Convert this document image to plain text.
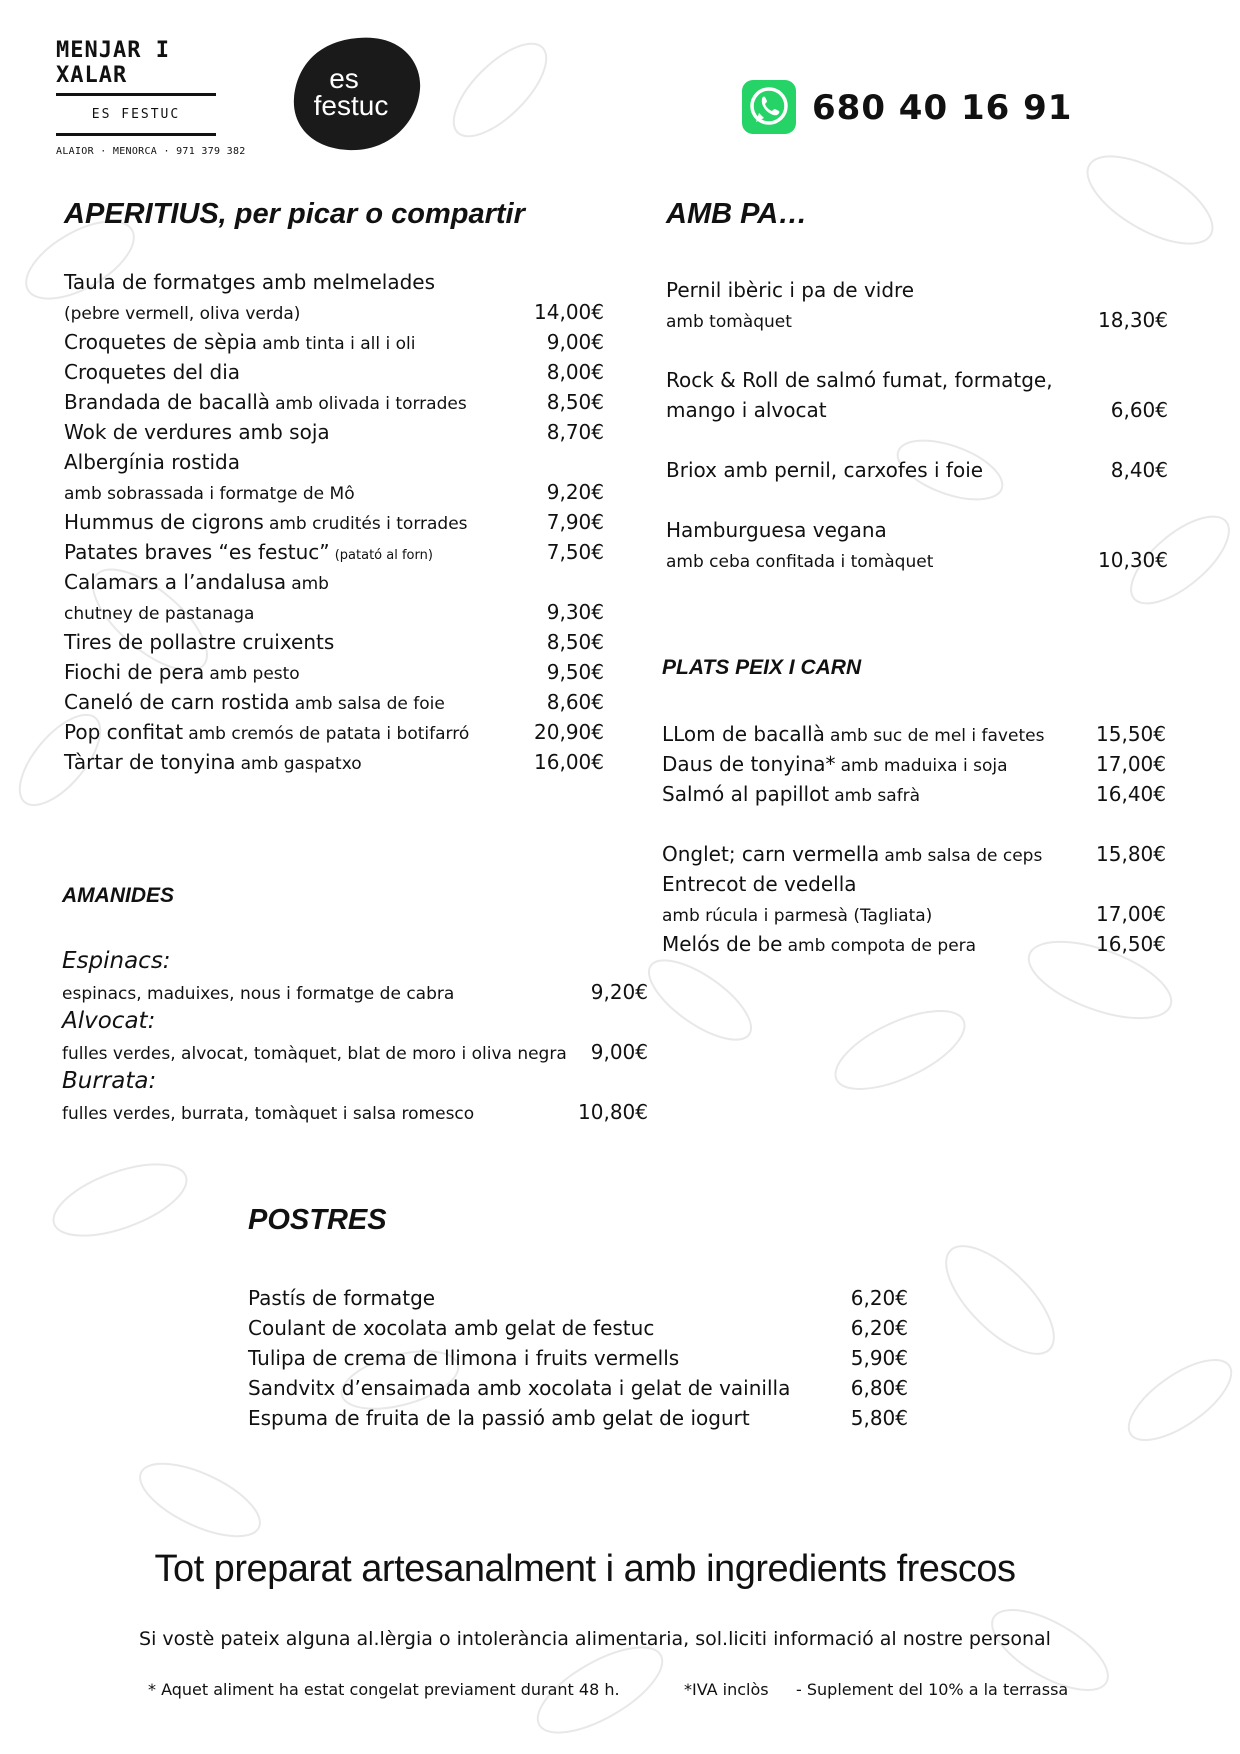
MENJAR I XALAR
ES FESTUC
ALAIOR · MENORCA · 971 379 382
es
festuc	680 40 16 91
APERITIUS, per picar o compartir
Taula de formatges amb melmelades
(pebre vermell, oliva verda)	14,00€
Croquetes de sèpia amb tinta i all i oli	9,00€
Croquetes del dia	8,00€
Brandada de bacallà amb olivada i torrades	8,50€
Wok de verdures amb soja	8,70€
Albergínia rostida
amb sobrassada i formatge de Mô	9,20€
Hummus de cigrons amb crudités i torrades	7,90€
Patates braves “es festuc” (patató al forn)	7,50€
Calamars a l’andalusa amb
chutney de pastanaga	9,30€
Tires de pollastre cruixents	8,50€
Fiochi de pera amb pesto	9,50€
Caneló de carn rostida amb salsa de foie	8,60€
Pop confitat amb cremós de patata i botifarró	20,90€
Tàrtar de tonyina amb gaspatxo	16,00€
AMB PA…
Pernil ibèric i pa de vidre
amb tomàquet	18,30€
Rock & Roll de salmó fumat, formatge,
mango i alvocat	6,60€
Briox amb pernil, carxofes i foie	8,40€
Hamburguesa vegana
amb ceba confitada i tomàquet	10,30€
PLATS PEIX I CARN
LLom de bacallà amb suc de mel i favetes	15,50€
Daus de tonyina* amb maduixa i soja	17,00€
Salmó al papillot amb safrà	16,40€
Onglet; carn vermella amb salsa de ceps	15,80€
Entrecot de vedella
amb rúcula i parmesà (Tagliata)	17,00€
Melós de be amb compota de pera	16,50€
AMANIDES
Espinacs:
espinacs, maduixes, nous i formatge de cabra	9,20€
Alvocat:
fulles verdes, alvocat, tomàquet, blat de moro i oliva negra 9,00€
Burrata:
fulles verdes, burrata, tomàquet i salsa romesco	10,80€
POSTRES
Pastís de formatge	6,20€
Coulant de xocolata amb gelat de festuc	6,20€
Tulipa de crema de llimona i fruits vermells	5,90€
Sandvitx d’ensaimada amb xocolata i gelat de vainilla	6,80€
Espuma de fruita de la passió amb gelat de iogurt	5,80€
Tot preparat artesanalment i amb ingredients frescos
Si vostè pateix alguna al.lèrgia o intolerància alimentaria, sol.liciti informació al nostre personal
* Aquet aliment ha estat congelat previament durant 48 h.	*IVA inclòs - Suplement del 10% a la terrassa
